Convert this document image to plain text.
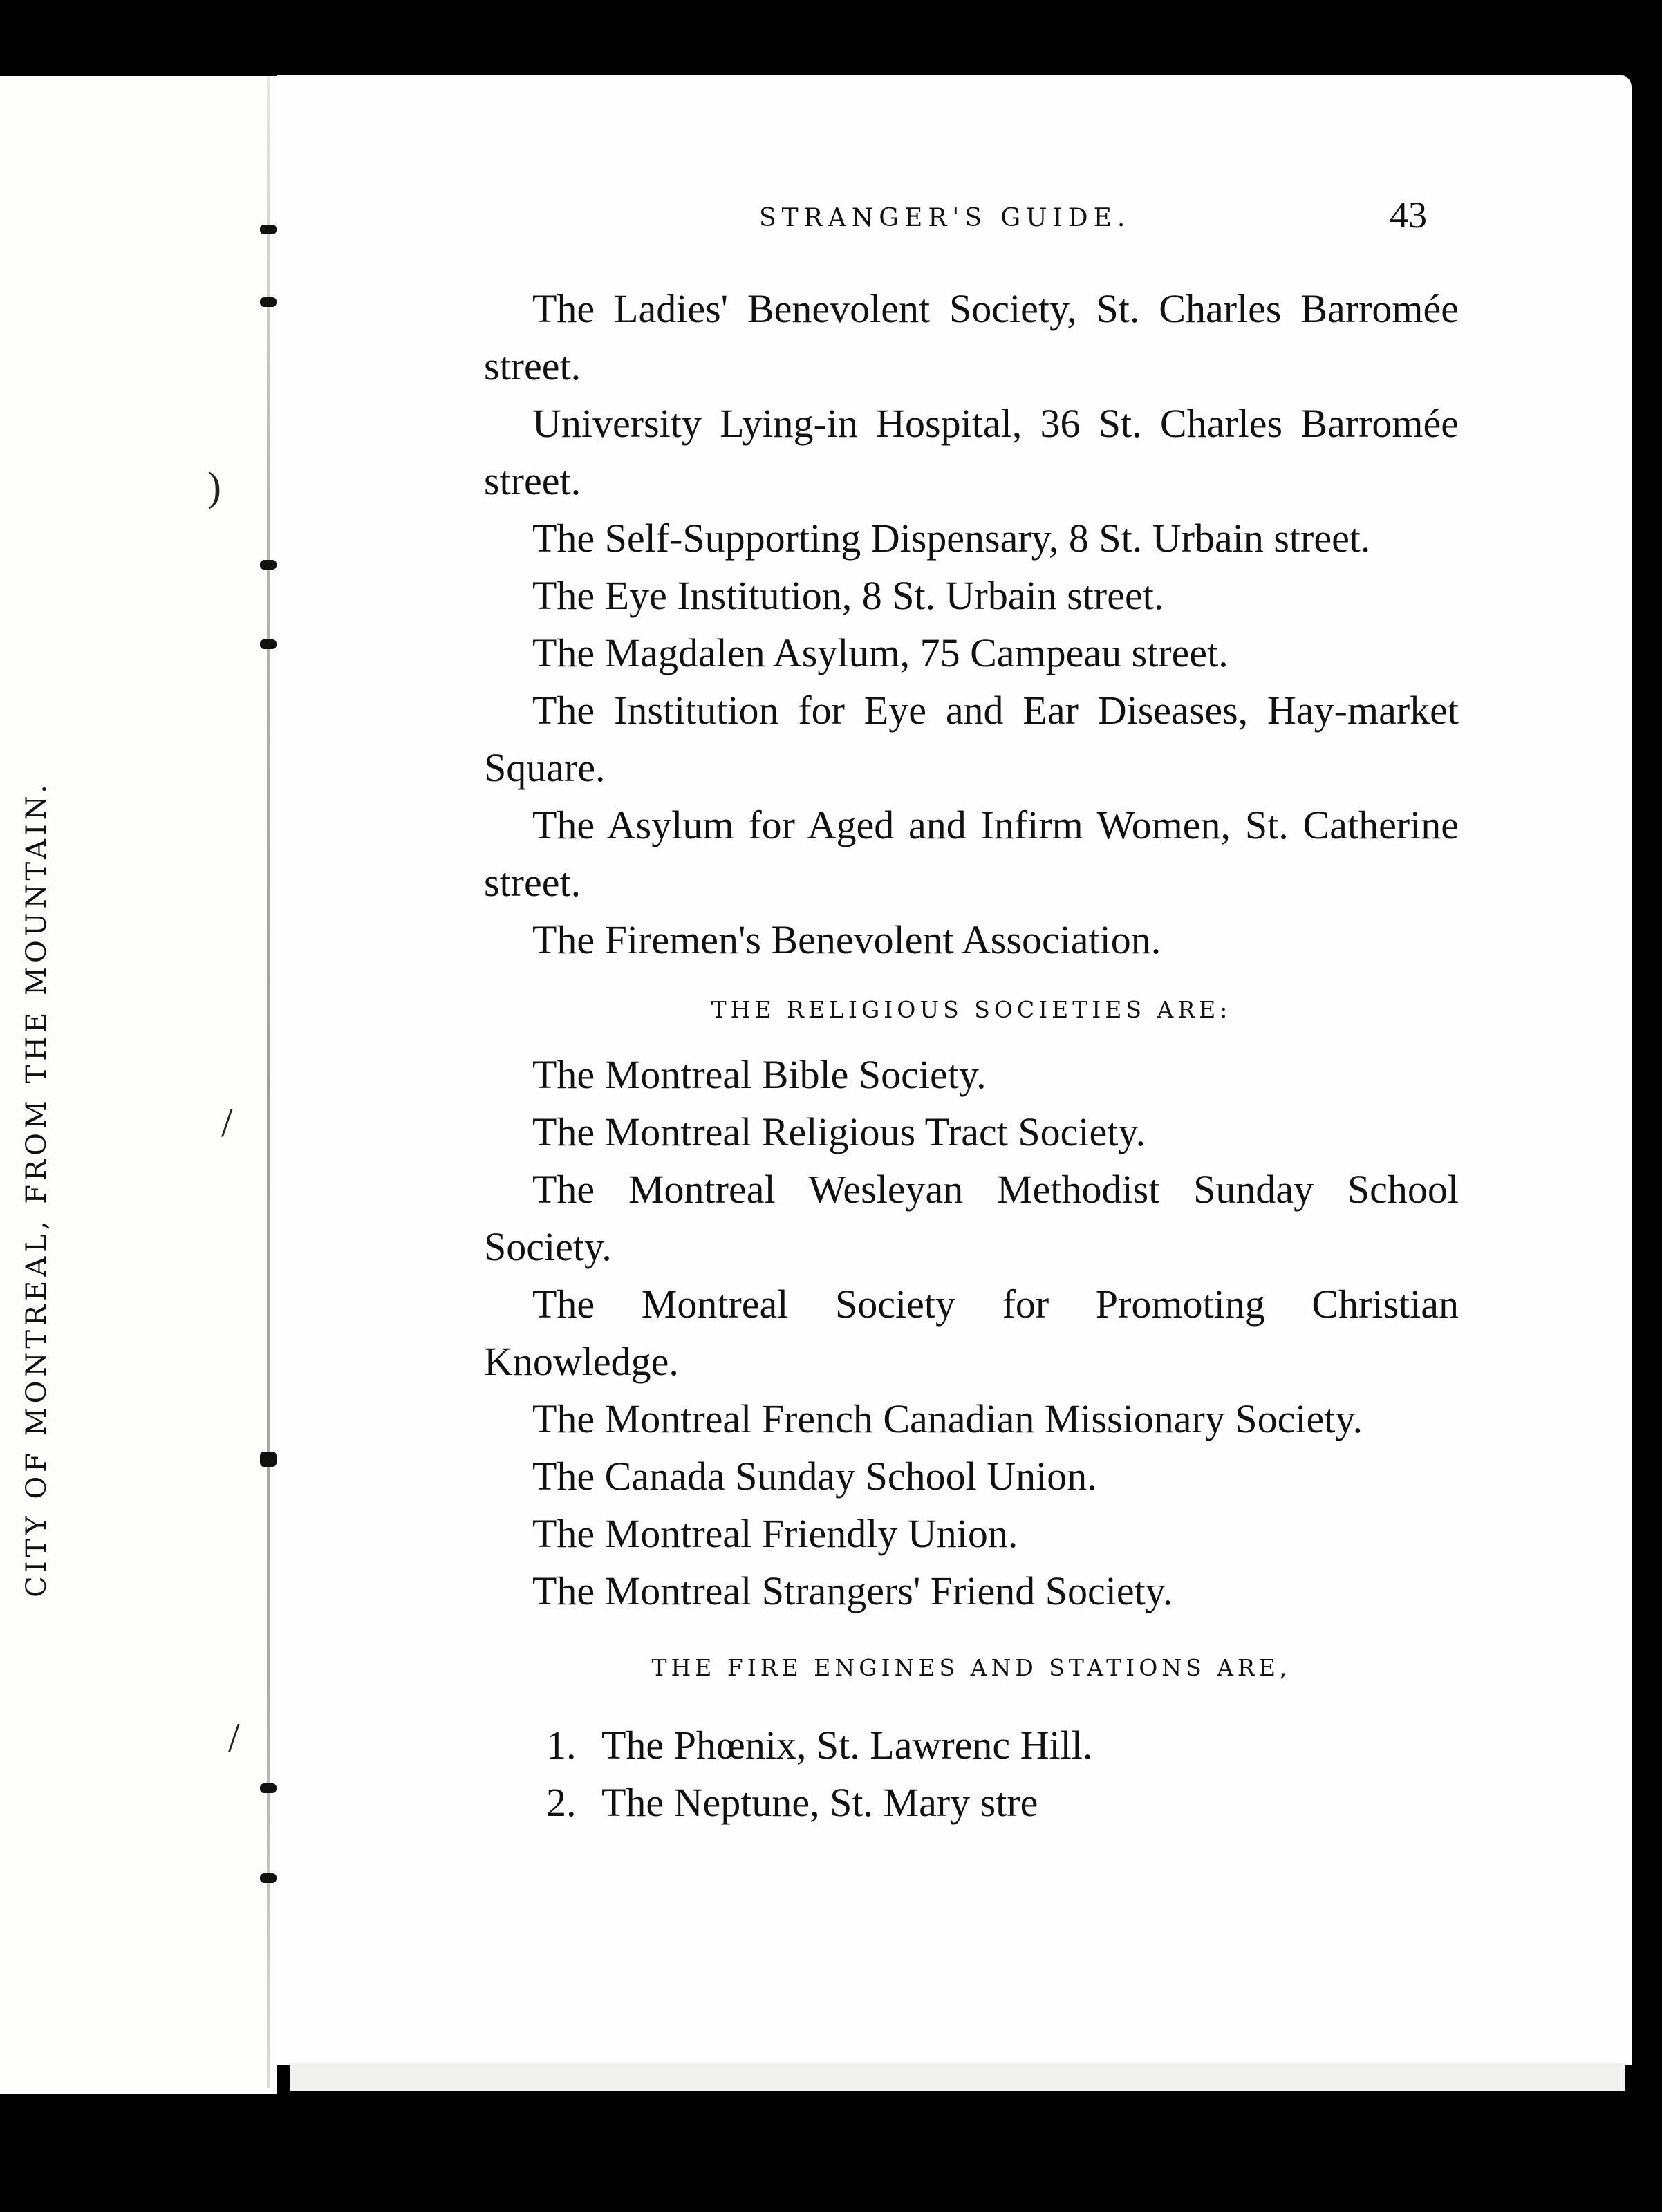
CITY OF MONTREAL, FROM THE MOUNTAIN.
)
/
/
STRANGER'S GUIDE.	43

The Ladies' Benevolent Society, St. Charles Barromée street.

University Lying-in Hospital, 36 St. Charles Barromée street.

The Self-Supporting Dispensary, 8 St. Urbain street.

The Eye Institution, 8 St. Urbain street.

The Magdalen Asylum, 75 Campeau street.

The Institution for Eye and Ear Diseases, Hay-market Square.

The Asylum for Aged and Infirm Women, St. Catherine street.

The Firemen's Benevolent Association.

THE RELIGIOUS SOCIETIES ARE:

The Montreal Bible Society.

The Montreal Religious Tract Society.

The Montreal Wesleyan Methodist Sunday School Society.

The Montreal Society for Promoting Christian Knowledge.

The Montreal French Canadian Missionary Society.

The Canada Sunday School Union.

The Montreal Friendly Union.

The Montreal Strangers' Friend Society.

THE FIRE ENGINES AND STATIONS ARE,

1. The Phœnix, St. Lawrenc Hill.

2. The Neptune, St. Mary stre
